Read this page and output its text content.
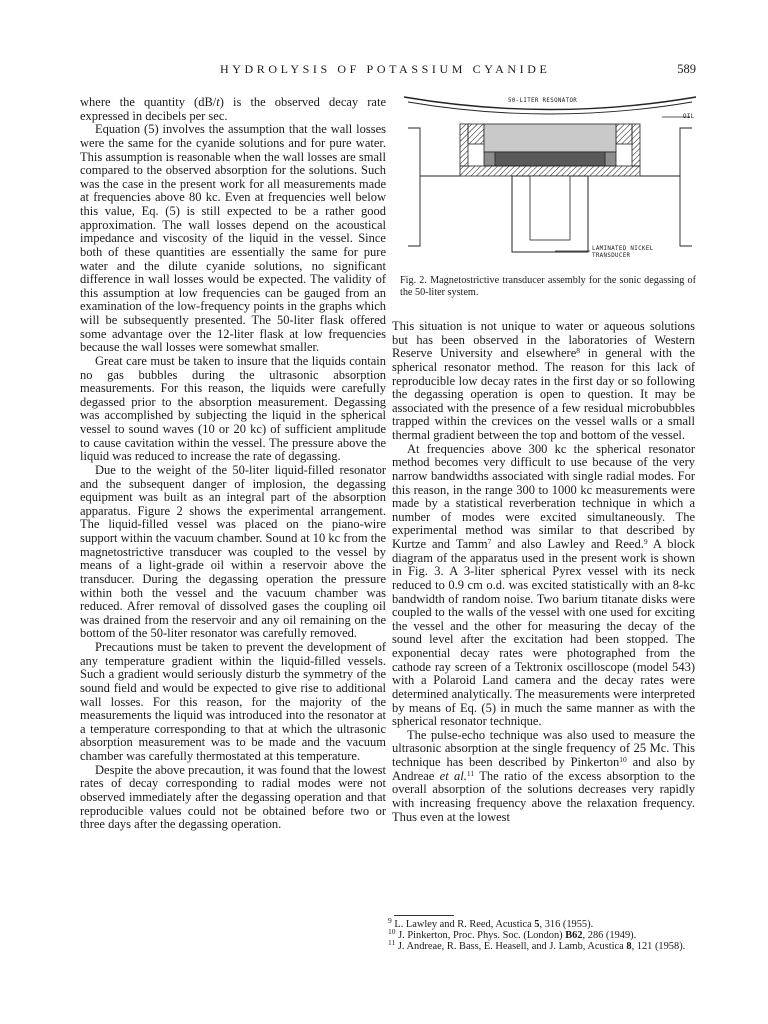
HYDROLYSIS OF POTASSIUM CYANIDE	589

where the quantity (dB/t) is the observed decay rate expressed in decibels per sec.

Equation (5) involves the assumption that the wall losses were the same for the cyanide solutions and for pure water. This assumption is reasonable when the wall losses are small compared to the observed absorption for the solutions. Such was the case in the present work for all measurements made at frequencies above 80 kc. Even at frequencies well below this value, Eq. (5) is still expected to be a rather good approximation. The wall losses depend on the acoustical impedance and viscosity of the liquid in the vessel. Since both of these quantities are essentially the same for pure water and the dilute cyanide solutions, no significant difference in wall losses would be expected. The validity of this assumption at low frequencies can be gauged from an examination of the low-frequency points in the graphs which will be subsequently presented. The 50-liter flask offered some advantage over the 12-liter flask at low frequencies because the wall losses were somewhat smaller.

Great care must be taken to insure that the liquids contain no gas bubbles during the ultrasonic absorption measurements. For this reason, the liquids were carefully degassed prior to the absorption measurement. Degassing was accomplished by subjecting the liquid in the spherical vessel to sound waves (10 or 20 kc) of sufficient amplitude to cause cavitation within the vessel. The pressure above the liquid was reduced to increase the rate of degassing.

Due to the weight of the 50-liter liquid-filled resonator and the subsequent danger of implosion, the degassing equipment was built as an integral part of the absorption apparatus. Figure 2 shows the experimental arrangement. The liquid-filled vessel was placed on the piano-wire support within the vacuum chamber. Sound at 10 kc from the magnetostrictive transducer was coupled to the vessel by means of a light-grade oil within a reservoir above the transducer. During the degassing operation the pressure within both the vessel and the vacuum chamber was reduced. Afrer removal of dissolved gases the coupling oil was drained from the reservoir and any oil remaining on the bottom of the 50-liter resonator was carefully removed.

Precautions must be taken to prevent the development of any temperature gradient within the liquid-filled vessels. Such a gradient would seriously disturb the symmetry of the sound field and would be expected to give rise to additional wall losses. For this reason, for the majority of the measurements the liquid was introduced into the resonator at a temperature corresponding to that at which the ultrasonic absorption measurement was to be made and the vacuum chamber was carefully thermostated at this temperature.

Despite the above precaution, it was found that the lowest rates of decay corresponding to radial modes were not observed immediately after the degassing operation and that reproducible values could not be obtained before two or three days after the degassing operation.

50-LITER RESONATOR
OIL
LAMINATED NICKEL
TRANSDUCER

Fig. 2. Magnetostrictive transducer assembly for the sonic degassing of the 50-liter system.

This situation is not unique to water or aqueous solutions but has been observed in the laboratories of Western Reserve University and elsewhere$^8$ in general with the spherical resonator method. The reason for this lack of reproducible low decay rates in the first day or so following the degassing operation is open to question. It may be associated with the presence of a few residual microbubbles trapped within the crevices on the vessel walls or a small thermal gradient between the top and bottom of the vessel.

At frequencies above 300 kc the spherical resonator method becomes very difficult to use because of the very narrow bandwidths associated with single radial modes. For this reason, in the range 300 to 1000 kc measurements were made by a statistical reverberation technique in which a number of modes were excited simultaneously. The experimental method was similar to that described by Kurtze and Tamm$^7$ and also Lawley and Reed.$^9$ A block diagram of the apparatus used in the present work is shown in Fig. 3. A 3-liter spherical Pyrex vessel with its neck reduced to 0.9 cm o.d. was excited statistically with an 8-kc bandwidth of random noise. Two barium titanate disks were coupled to the walls of the vessel with one used for exciting the vessel and the other for measuring the decay of the sound level after the excitation had been stopped. The exponential decay rates were photographed from the cathode ray screen of a Tektronix oscilloscope (model 543) with a Polaroid Land camera and the decay rates were determined analytically. The measurements were interpreted by means of Eq. (5) in much the same manner as with the spherical resonator technique.

The pulse-echo technique was also used to measure the ultrasonic absorption at the single frequency of 25 Mc. This technique has been described by Pinkerton$^{10}$ and also by Andreae et al.$^{11}$ The ratio of the excess absorption to the overall absorption of the solutions decreases very rapidly with increasing frequency above the relaxation frequency. Thus even at the lowest

$^9$ L. Lawley and R. Reed, Acustica 5, 316 (1955).

$^{10}$ J. Pinkerton, Proc. Phys. Soc. (London) B62, 286 (1949).

$^{11}$ J. Andreae, R. Bass, E. Heasell, and J. Lamb, Acustica 8, 121 (1958).
